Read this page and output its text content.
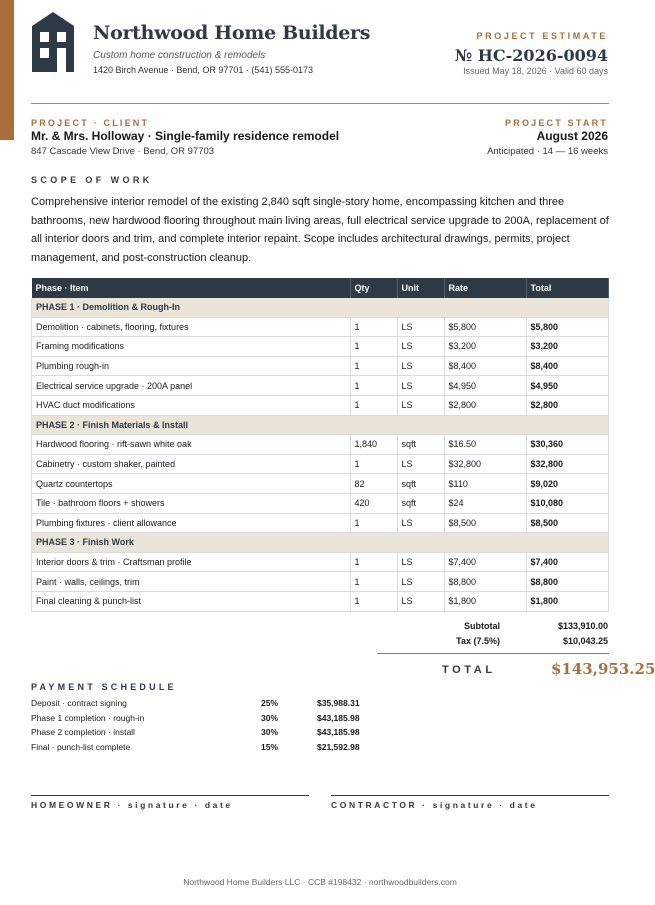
Northwood Home Builders
Custom home construction & remodels
1420 Birch Avenue · Bend, OR 97701 · (541) 555-0173
PROJECT ESTIMATE
№ HC-2026-0094
Issued May 18, 2026 · Valid 60 days
PROJECT · CLIENT
Mr. & Mrs. Holloway · Single-family residence remodel
847 Cascade View Drive · Bend, OR 97703
PROJECT START
August 2026
Anticipated · 14 — 16 weeks
SCOPE OF WORK
Comprehensive interior remodel of the existing 2,840 sqft single-story home, encompassing kitchen and three bathrooms, new hardwood flooring throughout main living areas, full electrical service upgrade to 200A, replacement of all interior doors and trim, and complete interior repaint. Scope includes architectural drawings, permits, project management, and post-construction cleanup.
Phase · Item	Qty	Unit	Rate	Total
PHASE 1 · Demolition & Rough-In				
Demolition · cabinets, flooring, fixtures	1	LS	$5,800	$5,800
Framing modifications	1	LS	$3,200	$3,200
Plumbing rough-in	1	LS	$8,400	$8,400
Electrical service upgrade · 200A panel	1	LS	$4,950	$4,950
HVAC duct modifications	1	LS	$2,800	$2,800
PHASE 2 · Finish Materials & Install				
Hardwood flooring · rift-sawn white oak	1,840	sqft	$16.50	$30,360
Cabinetry · custom shaker, painted	1	LS	$32,800	$32,800
Quartz countertops	82	sqft	$110	$9,020
Tile · bathroom floors + showers	420	sqft	$24	$10,080
Plumbing fixtures · client allowance	1	LS	$8,500	$8,500
PHASE 3 · Finish Work				
Interior doors & trim · Craftsman profile	1	LS	$7,400	$7,400
Paint · walls, ceilings, trim	1	LS	$8,800	$8,800
Final cleaning & punch-list	1	LS	$1,800	$1,800
Subtotal	$133,910.00
Tax (7.5%)	$10,043.25
TOTAL	$143,953.25
PAYMENT SCHEDULE
Deposit · contract signing	25%	$35,988.31
Phase 1 completion · rough-in	30%	$43,185.98
Phase 2 completion · install	30%	$43,185.98
Final · punch-list complete	15%	$21,592.98
HOMEOWNER · signature · date	CONTRACTOR · signature · date
Northwood Home Builders LLC · CCB #198432 · northwoodbuilders.com
